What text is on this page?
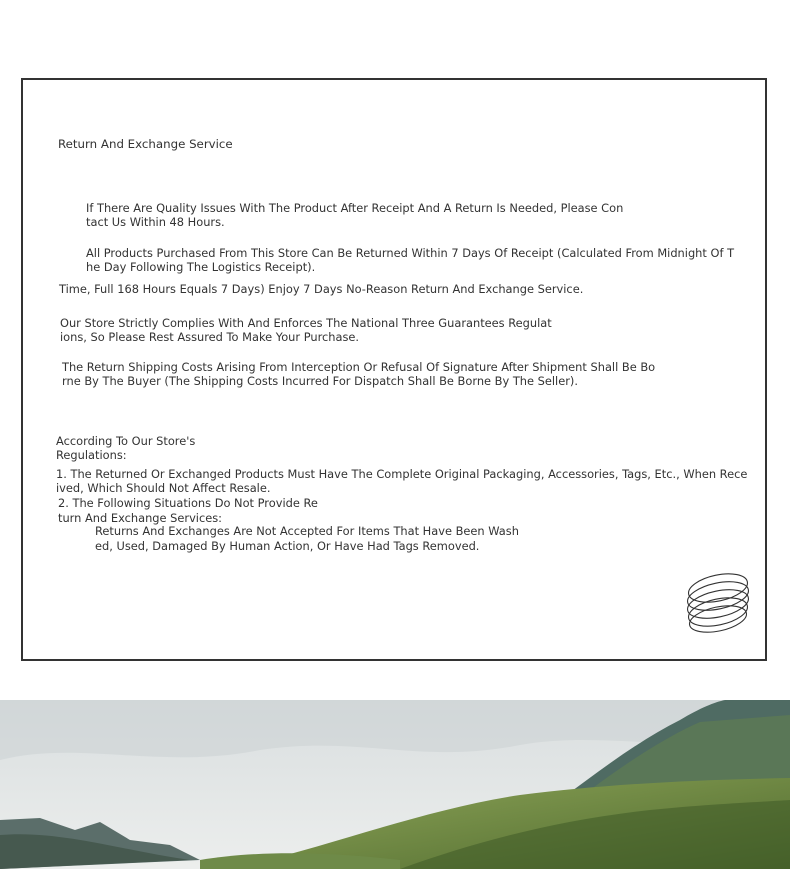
Return And Exchange Service
If There Are Quality Issues With The Product After Receipt And A Return Is Needed, Please Con
tact Us Within 48 Hours.
All Products Purchased From This Store Can Be Returned Within 7 Days Of Receipt (Calculated From Midnight Of T
he Day Following The Logistics Receipt).
Time, Full 168 Hours Equals 7 Days) Enjoy 7 Days No-Reason Return And Exchange Service.
Our Store Strictly Complies With And Enforces The National Three Guarantees Regulat
ions, So Please Rest Assured To Make Your Purchase.
The Return Shipping Costs Arising From Interception Or Refusal Of Signature After Shipment Shall Be Bo
rne By The Buyer (The Shipping Costs Incurred For Dispatch Shall Be Borne By The Seller).
According To Our Store's
Regulations:
1. The Returned Or Exchanged Products Must Have The Complete Original Packaging, Accessories, Tags, Etc., When Rece
ived, Which Should Not Affect Resale.
2. The Following Situations Do Not Provide Re
turn And Exchange Services:
Returns And Exchanges Are Not Accepted For Items That Have Been Wash
ed, Used, Damaged By Human Action, Or Have Had Tags Removed.
